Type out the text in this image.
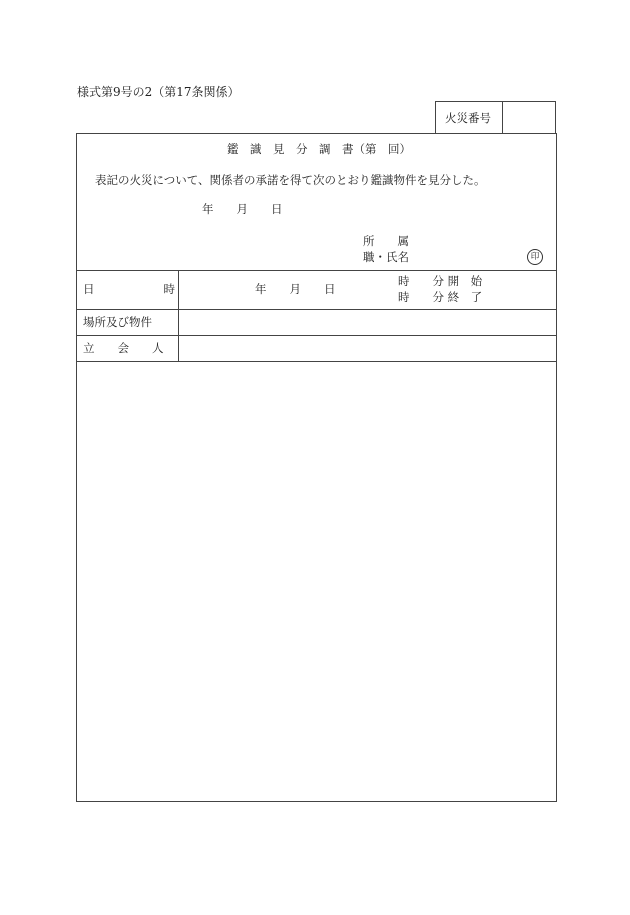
様式第9号の2（第17条関係）
火災番号
鑑　識　見　分　調　書（第　回）
表記の火災について、関係者の承諾を得て次のとおり鑑識物件を見分した。
年　　月　　日
所　　属
職・氏名	印
日　　　　　　時	年　　月　　日
時　　分 開　始
時　　分 終　了
場所及び物件
立　　会　　人
